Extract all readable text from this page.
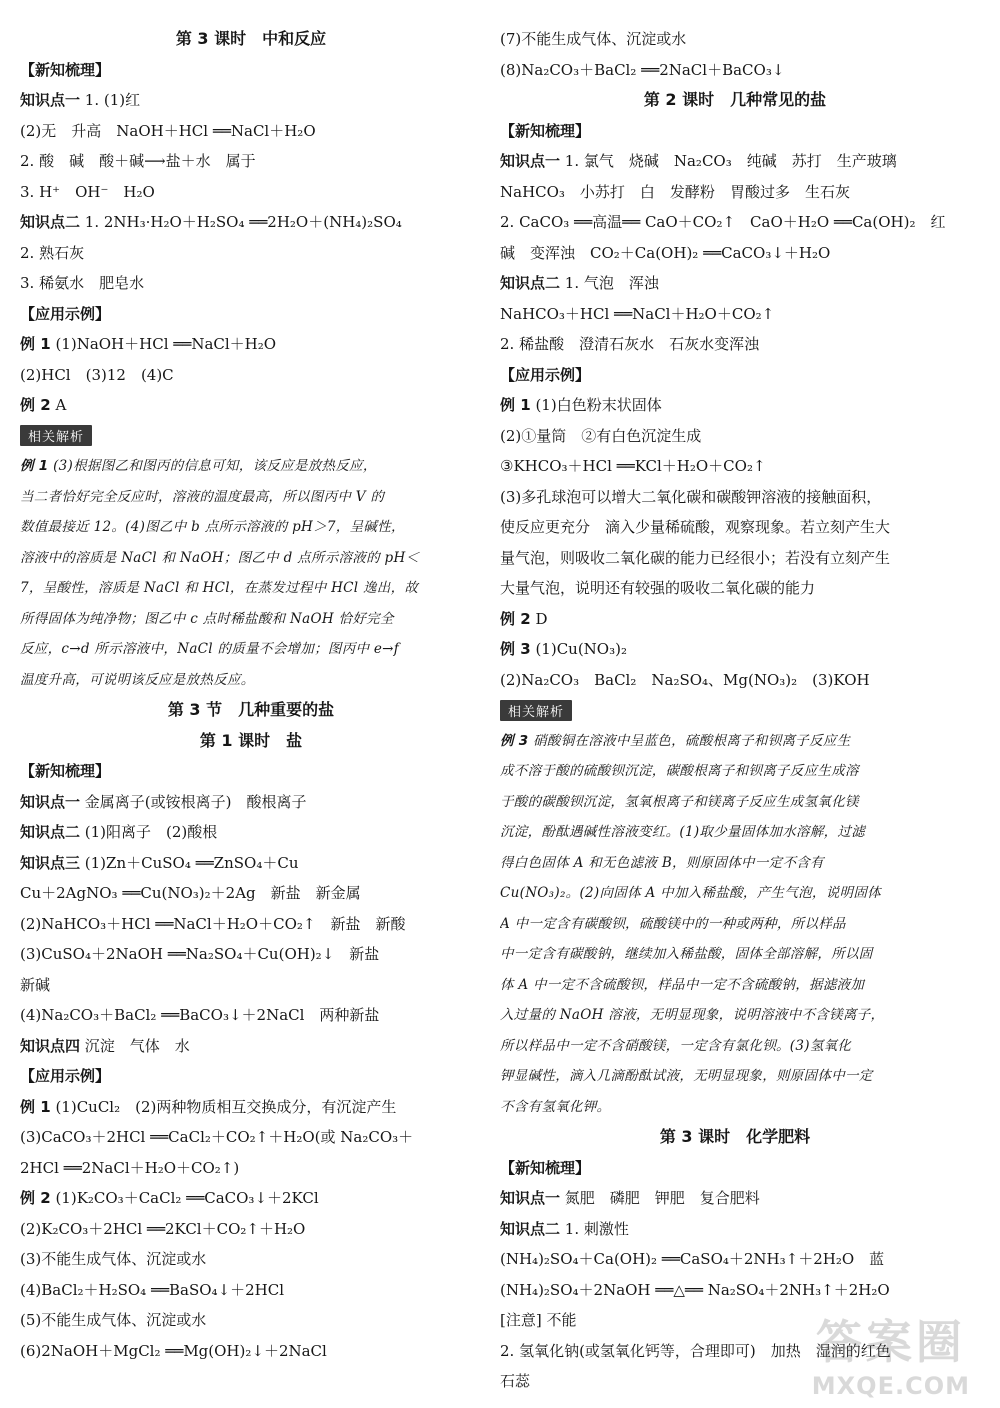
第 3 课时　中和反应
【新知梳理】
知识点一 1. (1)红
(2)无　升高　NaOH＋HCl ══NaCl＋H₂O
2. 酸　碱　酸＋碱⟶盐＋水　属于
3. H⁺　OH⁻　H₂O
知识点二 1. 2NH₃·H₂O＋H₂SO₄ ══2H₂O＋(NH₄)₂SO₄
2. 熟石灰
3. 稀氨水　肥皂水
【应用示例】
例 1 (1)NaOH＋HCl ══NaCl＋H₂O
(2)HCl　(3)12　(4)C
例 2 A
相关解析
例 1 (3)根据图乙和图丙的信息可知，该反应是放热反应，
当二者恰好完全反应时，溶液的温度最高，所以图丙中 V 的
数值最接近 12。(4)图乙中 b 点所示溶液的 pH＞7，呈碱性，
溶液中的溶质是 NaCl 和 NaOH；图乙中 d 点所示溶液的 pH＜
7，呈酸性，溶质是 NaCl 和 HCl，在蒸发过程中 HCl 逸出，故
所得固体为纯净物；图乙中 c 点时稀盐酸和 NaOH 恰好完全
反应，c→d 所示溶液中，NaCl 的质量不会增加；图丙中 e→f
温度升高，可说明该反应是放热反应。
第 3 节　几种重要的盐
第 1 课时　盐
【新知梳理】
知识点一 金属离子(或铵根离子)　酸根离子
知识点二 (1)阳离子　(2)酸根
知识点三 (1)Zn＋CuSO₄ ══ZnSO₄＋Cu
Cu＋2AgNO₃ ══Cu(NO₃)₂＋2Ag　新盐　新金属
(2)NaHCO₃＋HCl ══NaCl＋H₂O＋CO₂↑　新盐　新酸
(3)CuSO₄＋2NaOH ══Na₂SO₄＋Cu(OH)₂↓　新盐
新碱
(4)Na₂CO₃＋BaCl₂ ══BaCO₃↓＋2NaCl　两种新盐
知识点四 沉淀　气体　水
【应用示例】
例 1 (1)CuCl₂　(2)两种物质相互交换成分，有沉淀产生
(3)CaCO₃＋2HCl ══CaCl₂＋CO₂↑＋H₂O(或 Na₂CO₃＋
2HCl ══2NaCl＋H₂O＋CO₂↑)
例 2 (1)K₂CO₃＋CaCl₂ ══CaCO₃↓＋2KCl
(2)K₂CO₃＋2HCl ══2KCl＋CO₂↑＋H₂O
(3)不能生成气体、沉淀或水
(4)BaCl₂＋H₂SO₄ ══BaSO₄↓＋2HCl
(5)不能生成气体、沉淀或水
(6)2NaOH＋MgCl₂ ══Mg(OH)₂↓＋2NaCl
(7)不能生成气体、沉淀或水
(8)Na₂CO₃＋BaCl₂ ══2NaCl＋BaCO₃↓
第 2 课时　几种常见的盐
【新知梳理】
知识点一 1. 氯气　烧碱　Na₂CO₃　纯碱　苏打　生产玻璃
NaHCO₃　小苏打　白　发酵粉　胃酸过多　生石灰
2. CaCO₃ ══高温══ CaO＋CO₂↑　CaO＋H₂O ══Ca(OH)₂　红
碱　变浑浊　CO₂＋Ca(OH)₂ ══CaCO₃↓＋H₂O
知识点二 1. 气泡　浑浊
NaHCO₃＋HCl ══NaCl＋H₂O＋CO₂↑
2. 稀盐酸　澄清石灰水　石灰水变浑浊
【应用示例】
例 1 (1)白色粉末状固体
(2)①量筒　②有白色沉淀生成
③KHCO₃＋HCl ══KCl＋H₂O＋CO₂↑
(3)多孔球泡可以增大二氧化碳和碳酸钾溶液的接触面积，
使反应更充分　滴入少量稀硫酸，观察现象。若立刻产生大
量气泡，则吸收二氧化碳的能力已经很小；若没有立刻产生
大量气泡，说明还有较强的吸收二氧化碳的能力
例 2 D
例 3 (1)Cu(NO₃)₂
(2)Na₂CO₃　BaCl₂　Na₂SO₄、Mg(NO₃)₂　(3)KOH
相关解析
例 3 硝酸铜在溶液中呈蓝色，硫酸根离子和钡离子反应生
成不溶于酸的硫酸钡沉淀，碳酸根离子和钡离子反应生成溶
于酸的碳酸钡沉淀，氢氧根离子和镁离子反应生成氢氧化镁
沉淀，酚酞遇碱性溶液变红。(1)取少量固体加水溶解，过滤
得白色固体 A 和无色滤液 B，则原固体中一定不含有
Cu(NO₃)₂。(2)向固体 A 中加入稀盐酸，产生气泡，说明固体
A 中一定含有碳酸钡，硫酸镁中的一种或两种，所以样品
中一定含有碳酸钠，继续加入稀盐酸，固体全部溶解，所以固
体 A 中一定不含硫酸钡，样品中一定不含硫酸钠，据滤液加
入过量的 NaOH 溶液，无明显现象，说明溶液中不含镁离子，
所以样品中一定不含硝酸镁，一定含有氯化钡。(3)氢氧化
钾显碱性，滴入几滴酚酞试液，无明显现象，则原固体中一定
不含有氢氧化钾。
第 3 课时　化学肥料
【新知梳理】
知识点一 氮肥　磷肥　钾肥　复合肥料
知识点二 1. 刺激性
(NH₄)₂SO₄＋Ca(OH)₂ ══CaSO₄＋2NH₃↑＋2H₂O　蓝
(NH₄)₂SO₄＋2NaOH ══△══ Na₂SO₄＋2NH₃↑＋2H₂O
[注意] 不能
2. 氢氧化钠(或氢氧化钙等，合理即可)　加热　湿润的红色
石蕊
答案圈
MXQE.COM
